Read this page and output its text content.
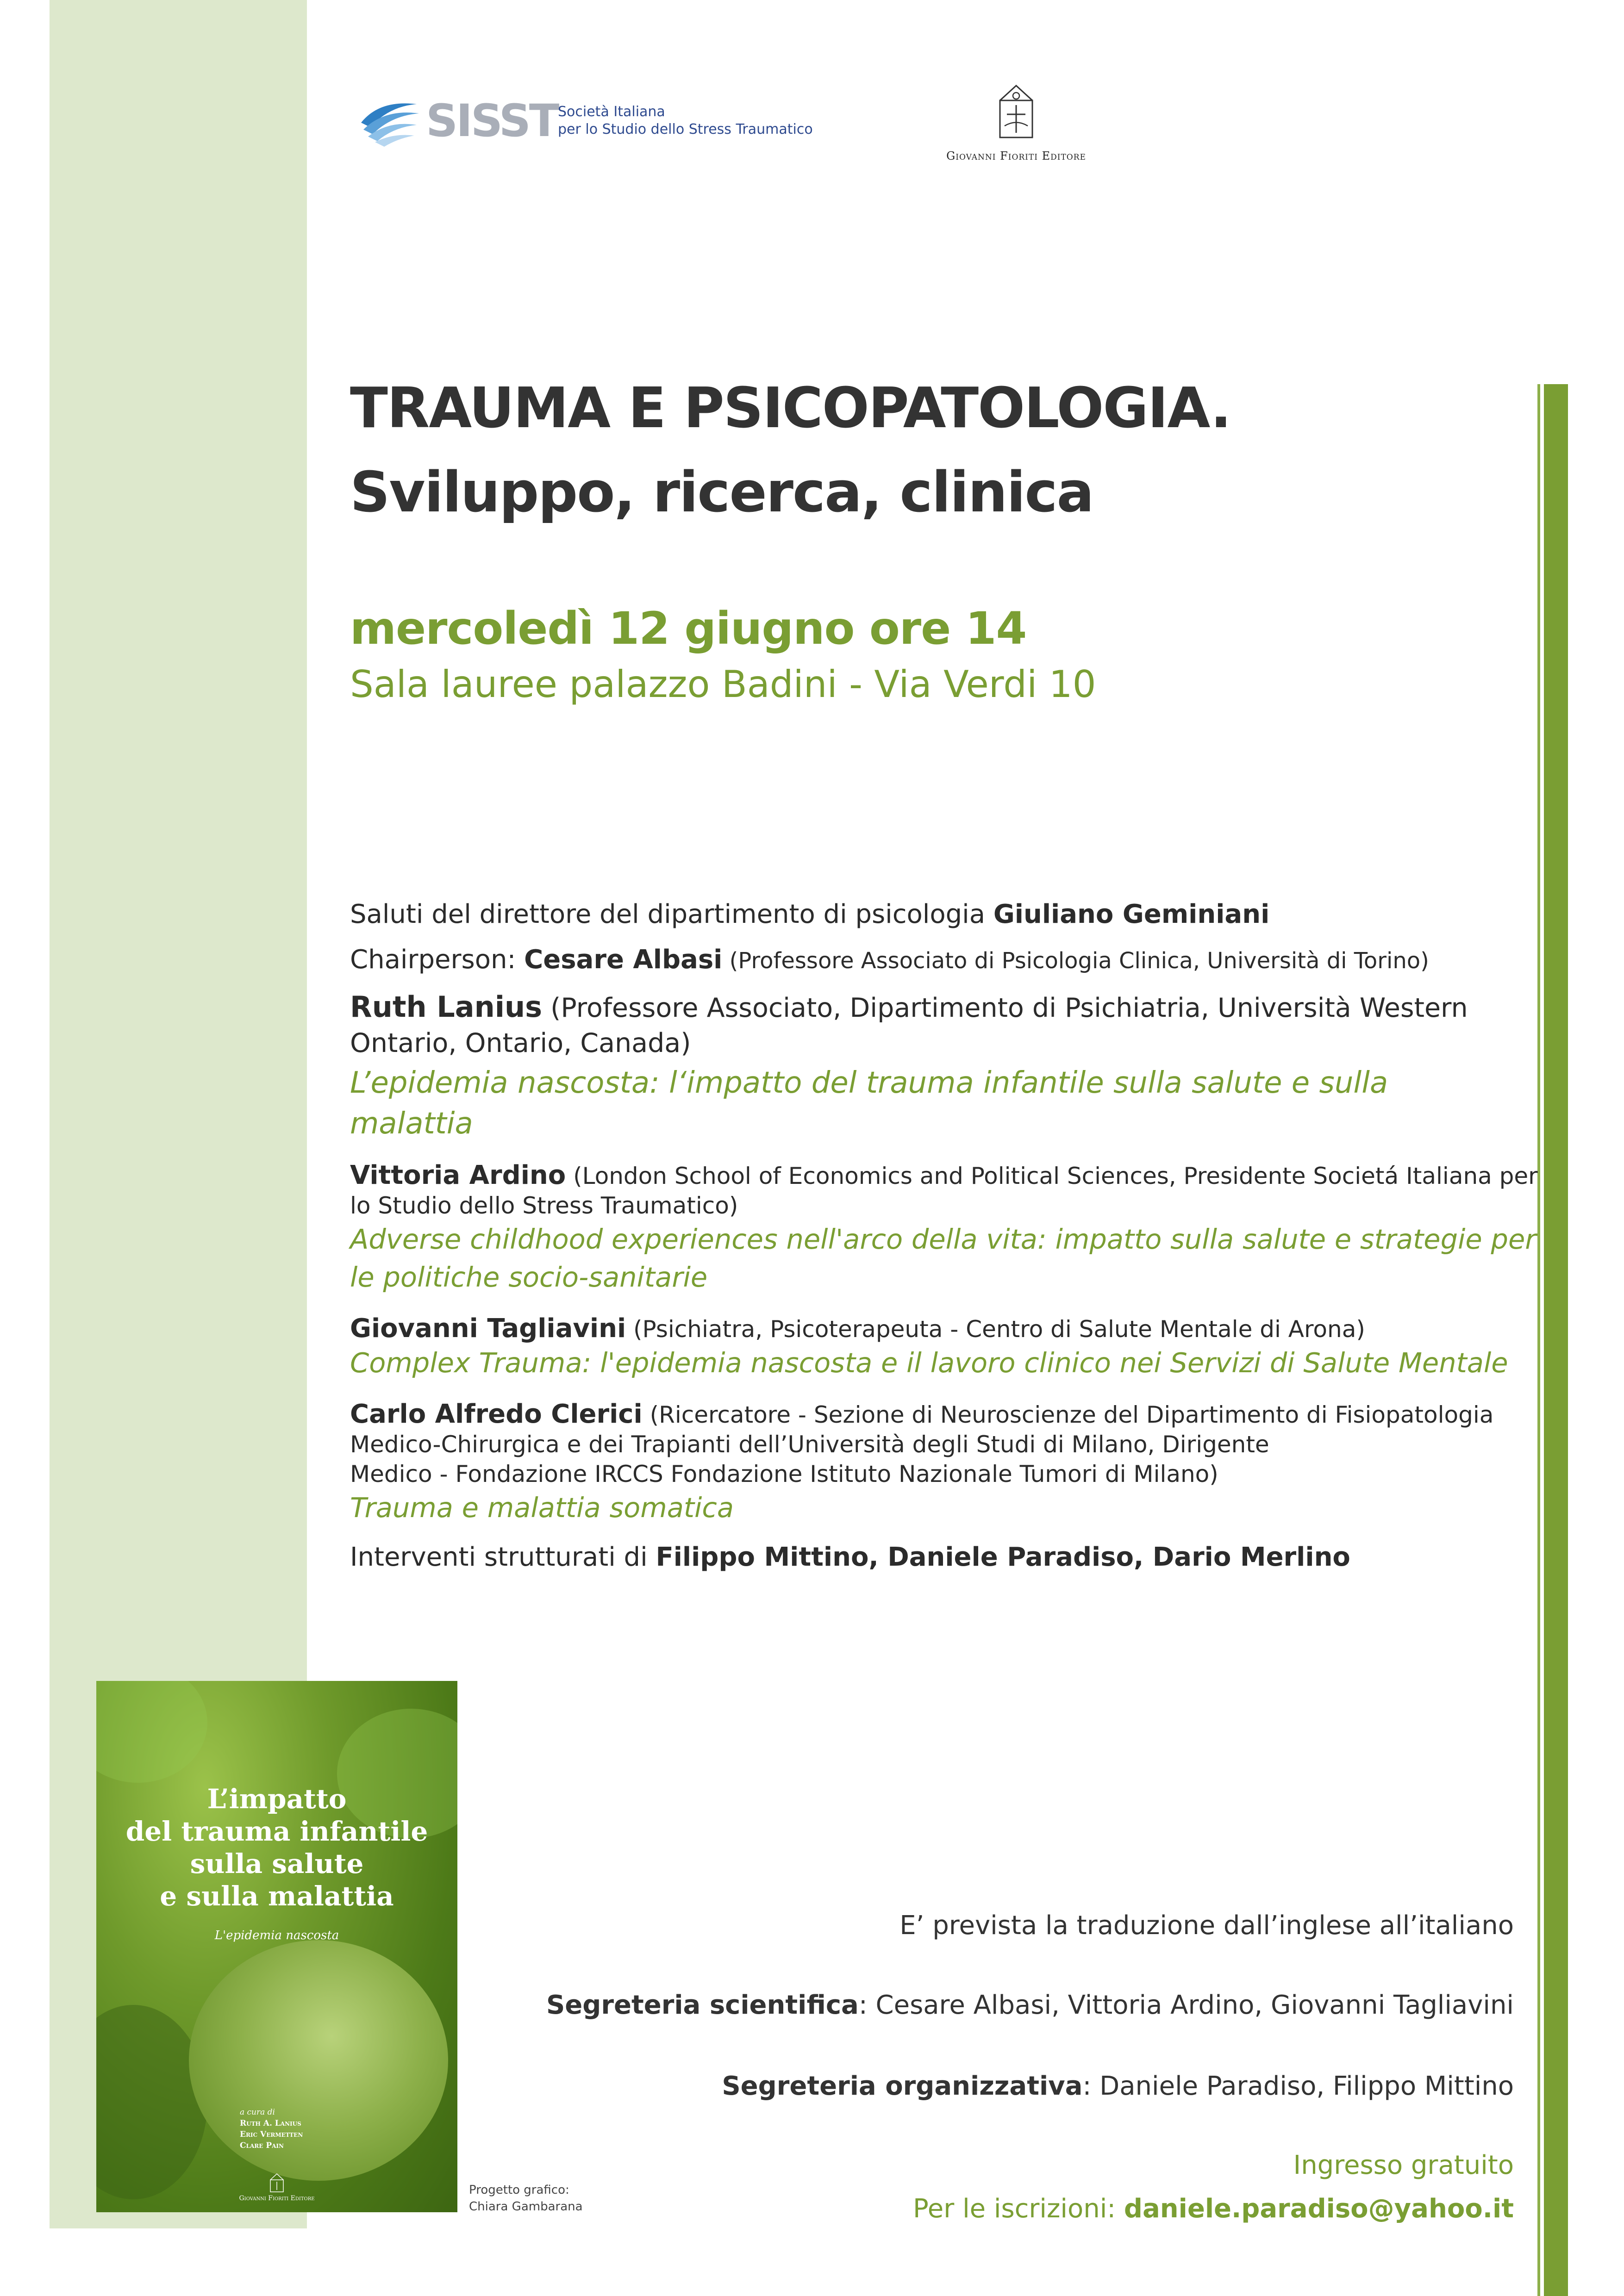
SISST Società Italiana
per lo Studio dello Stress Traumatico
Giovanni Fioriti Editore
TRAUMA E PSICOPATOLOGIA.
Sviluppo, ricerca, clinica
mercoledì 12 giugno ore 14
Sala lauree palazzo Badini - Via Verdi 10
Saluti del direttore del dipartimento di psicologia Giuliano Geminiani
Chairperson: Cesare Albasi (Professore Associato di Psicologia Clinica, Università di Torino)
Ruth Lanius (Professore Associato, Dipartimento di Psichiatria, Università Western
Ontario, Ontario, Canada)
L’epidemia nascosta: l‘impatto del trauma infantile sulla salute e sulla
malattia
Vittoria Ardino (London School of Economics and Political Sciences, Presidente Societá Italiana per
lo Studio dello Stress Traumatico)
Adverse childhood experiences nell'arco della vita: impatto sulla salute e strategie per
le politiche socio-sanitarie
Giovanni Tagliavini (Psichiatra, Psicoterapeuta - Centro di Salute Mentale di Arona)
Complex Trauma: l'epidemia nascosta e il lavoro clinico nei Servizi di Salute Mentale
Carlo Alfredo Clerici (Ricercatore - Sezione di Neuroscienze del Dipartimento di Fisiopatologia
Medico-Chirurgica e dei Trapianti dell’Università degli Studi di Milano, Dirigente
Medico - Fondazione IRCCS Fondazione Istituto Nazionale Tumori di Milano)
Trauma e malattia somatica
Interventi strutturati di Filippo Mittino, Daniele Paradiso, Dario Merlino
L’impatto
del trauma infantile
sulla salute
e sulla malattia
L'epidemia nascosta
a cura di
Ruth A. Lanius
Eric Vermetten
Clare Pain
Giovanni Fioriti Editore
Progetto grafico:
Chiara Gambarana
E’ prevista la traduzione dall’inglese all’italiano
Segreteria scientifica: Cesare Albasi, Vittoria Ardino, Giovanni Tagliavini
Segreteria organizzativa: Daniele Paradiso, Filippo Mittino
Ingresso gratuito
Per le iscrizioni: daniele.paradiso@yahoo.it
